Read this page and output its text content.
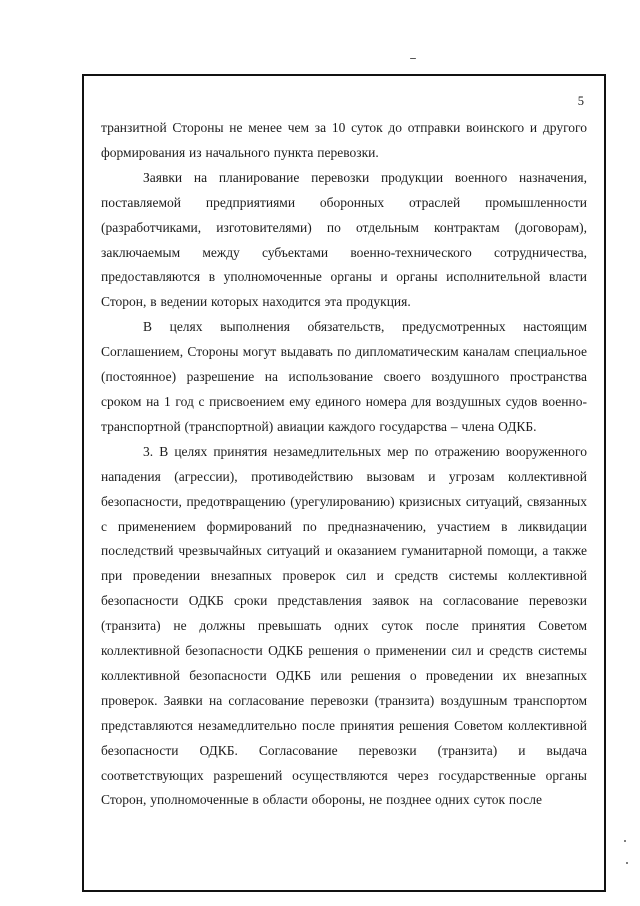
5

транзитной Стороны не менее чем за 10 суток до отправки воинского и другого формирования из начального пункта перевозки.

Заявки на планирование перевозки продукции военного назначения, поставляемой предприятиями оборонных отраслей промышленности (разработчиками, изготовителями) по отдельным контрактам (договорам), заключаемым между субъектами военно-технического сотрудничества, предоставляются в уполномоченные органы и органы исполнительной власти Сторон, в ведении которых находится эта продукция.

В целях выполнения обязательств, предусмотренных настоящим Соглашением, Стороны могут выдавать по дипломатическим каналам специальное (постоянное) разрешение на использование своего воздушного пространства сроком на 1 год с присвоением ему единого номера для воздушных судов военно-транспортной (транспортной) авиации каждого государства – члена ОДКБ.

3. В целях принятия незамедлительных мер по отражению вооруженного нападения (агрессии), противодействию вызовам и угрозам коллективной безопасности, предотвращению (урегулированию) кризисных ситуаций, связанных с применением формирований по предназначению, участием в ликвидации последствий чрезвычайных ситуаций и оказанием гуманитарной помощи, а также при проведении внезапных проверок сил и средств системы коллективной безопасности ОДКБ сроки представления заявок на согласование перевозки (транзита) не должны превышать одних суток после принятия Советом коллективной безопасности ОДКБ решения о применении сил и средств системы коллективной безопасности ОДКБ или решения о проведении их внезапных проверок. Заявки на согласование перевозки (транзита) воздушным транспортом представляются незамедлительно после принятия решения Советом коллективной безопасности ОДКБ. Согласование перевозки (транзита) и выдача соответствующих разрешений осуществляются через государственные органы Сторон, уполномоченные в области обороны, не позднее одних суток после
